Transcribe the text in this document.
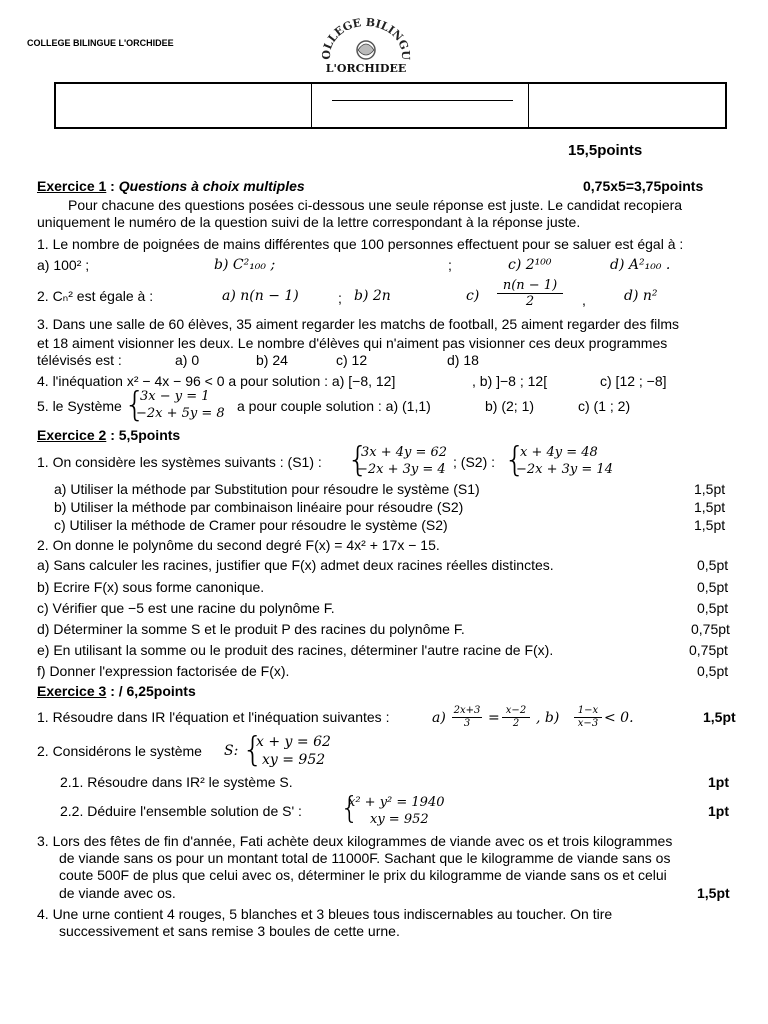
COLLEGE BILINGUE L'ORCHIDEE
OLLEGE BILINGU
L'ORCHIDEE
15,5points
Exercice 1 : Questions à choix multiples	0,75x5=3,75points
Pour chacune des questions posées ci-dessous une seule réponse est juste. Le candidat recopiera
uniquement le numéro de la question suivi de la lettre correspondant à la réponse juste.
1. Le nombre de poignées de mains différentes que 100 personnes effectuent pour se saluer est égal à :
a) 100² ;	b) C²₁₀₀ ;	;	c) 2¹⁰⁰	d) A²₁₀₀ .
2. Cₙ² est égale à :	a) n(n − 1)	; b) 2n	c)
n(n − 1)
2	,	d) n²
3. Dans une salle de 60 élèves, 35 aiment regarder les matchs de football, 25 aiment regarder des films
et 18 aiment visionner les deux. Le nombre d'élèves qui n'aiment pas visionner ces deux programmes
télévisés est :	a) 0	b) 24	c) 12	d) 18
4. l'inéquation x² − 4x − 96 < 0 a pour solution : a) [−8, 12]	, b) ]−8 ; 12[	c) [12 ; −8]
5. le Système {
3x − y = 1
−2x + 5y = 8 a pour couple solution : a) (1,1)	b) (2; 1)	c) (1 ; 2)
Exercice 2 : 5,5points
1. On considère les systèmes suivants : (S1) : {
3x + 4y = 62
−2x + 3y = 4 ; (S2) : {
x + 4y = 48
−2x + 3y = 14
a) Utiliser la méthode par Substitution pour résoudre le système (S1)	1,5pt
b) Utiliser la méthode par combinaison linéaire pour résoudre (S2)	1,5pt
c) Utiliser la méthode de Cramer pour résoudre le système (S2)	1,5pt
2. On donne le polynôme du second degré F(x) = 4x² + 17x − 15.
a) Sans calculer les racines, justifier que F(x) admet deux racines réelles distinctes.	0,5pt
b) Ecrire F(x) sous forme canonique.	0,5pt
c) Vérifier que −5 est une racine du polynôme F.	0,5pt
d) Déterminer la somme S et le produit P des racines du polynôme F.	0,75pt
e) En utilisant la somme ou le produit des racines, déterminer l'autre racine de F(x).	0,75pt
f) Donner l'expression factorisée de F(x).	0,5pt
Exercice 3 : / 6,25points
1. Résoudre dans IR l'équation et l'inéquation suivantes :	a) 2x+3
3	= x−2
2	, b)	1−x
x−3 < 0.	1,5pt
2. Considérons le système S: {
x + y = 62
xy = 952
2.1. Résoudre dans IR² le système S.	1pt
2.2. Déduire l'ensemble solution de S' : {
x² + y² = 1940
xy = 952
1pt
3. Lors des fêtes de fin d'année, Fati achète deux kilogrammes de viande avec os et trois kilogrammes
de viande sans os pour un montant total de 11000F. Sachant que le kilogramme de viande sans os
coute 500F de plus que celui avec os, déterminer le prix du kilogramme de viande sans os et celui
de viande avec os.	1,5pt
4. Une urne contient 4 rouges, 5 blanches et 3 bleues tous indiscernables au toucher. On tire
successivement et sans remise 3 boules de cette urne.
